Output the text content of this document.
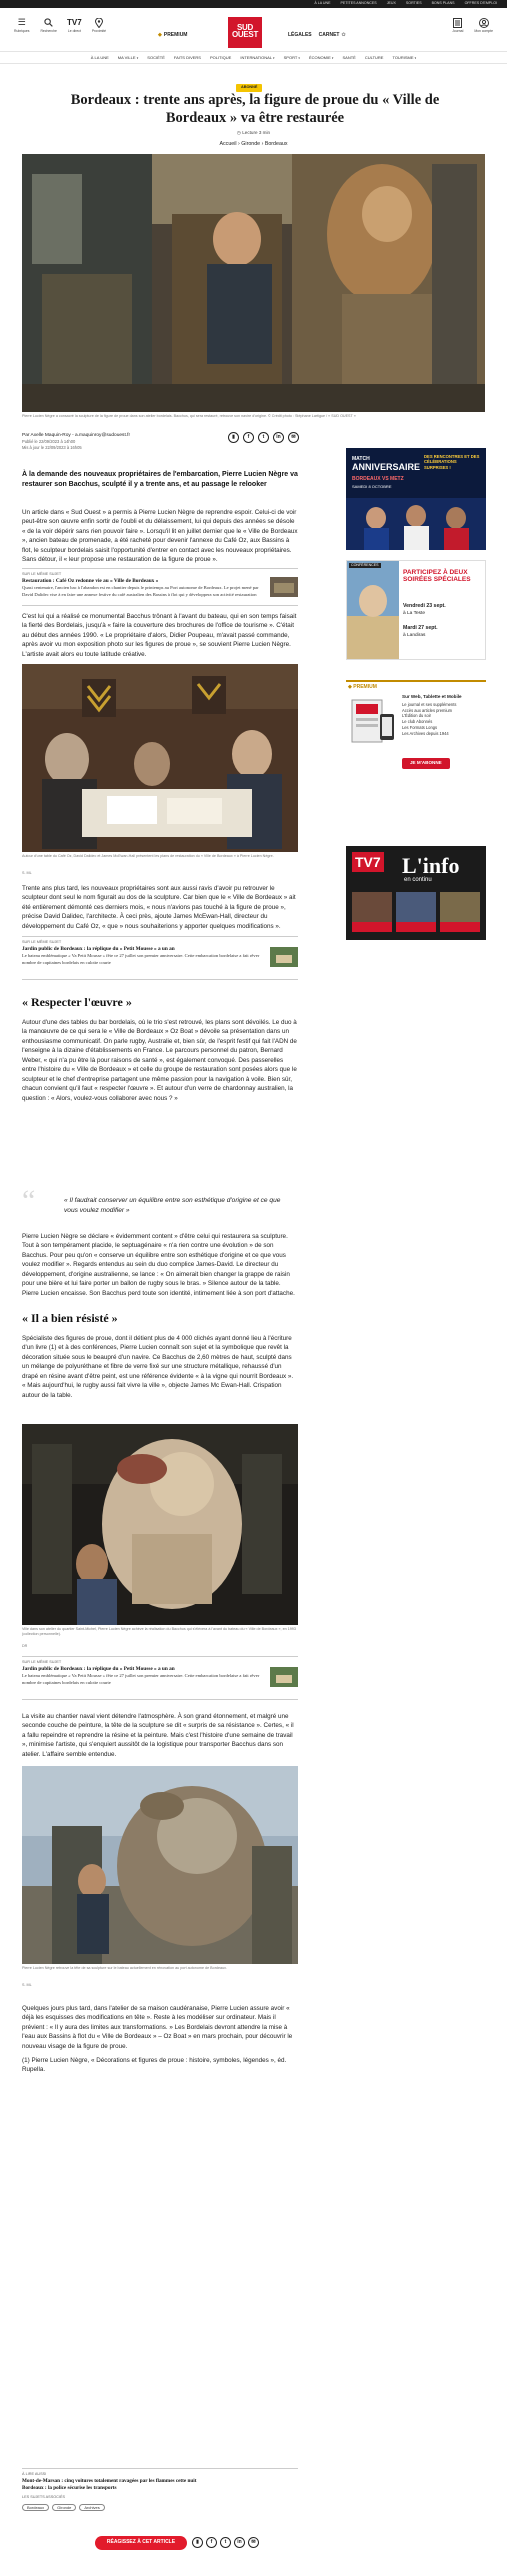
À LA UNE	PETITES ANNONCES	JEUX	SORTIES	BONS PLANS	OFFRES D'EMPLOI
☰
Rubriques	Recherche
TV7
Le direct	Proximité
◆ PREMIUM
SUD
OUEST	LÉGALES CARNET ✿
Journal	Mon compte
À LA UNE MA VILLE ▾ SOCIÉTÉ FAITS DIVERS POLITIQUE INTERNATIONAL ▾ SPORT ▾ ÉCONOMIE ▾ SANTÉ CULTURE TOURISME ▾
ABONNÉ
Bordeaux : trente ans après, la figure de proue du « Ville de Bordeaux » va être restaurée
◷ Lecture 3 min
Accueil › Gironde › Bordeaux
Pierre Lucien Nègre a consacré la sculpture de la figure de proue dans son atelier bordelais. Bacchus, qui sera restauré, retrouve son navire d'origine. © Crédit photo : Stéphane Lartigue / « SUD OUEST »
Par Axelle Maquin-Roy - a.maquinroy@sudouest.fr
Publié le 22/09/2023 à 14h00
Mis à jour le 22/09/2023 à 16h05
▮	f	t	in	✉

À la demande des nouveaux propriétaires de l'embarcation, Pierre Lucien Nègre va restaurer son Bacchus, sculpté il y a trente ans, et au passage le relooker

Un article dans « Sud Ouest » a permis à Pierre Lucien Nègre de reprendre espoir. Celui-ci de voir peut-être son œuvre enfin sortir de l'oubli et du délaissement, lui qui depuis des années se désole « de la voir dépérir sans rien pouvoir faire ». Lorsqu'il lit en juillet dernier que le « Ville de Bordeaux », ancien bateau de promenade, a été racheté pour devenir l'annexe du Café Oz, aux Bassins à flot, le sculpteur bordelais saisit l'opportunité d'entrer en contact avec les nouveaux propriétaires. Sans détour, il « leur propose une restauration de la figure de proue ».

SUR LE MÊME SUJET
Restauration : Café Oz redonne vie au « Ville de Bordeaux »
Quasi centenaire, l'ancien bac à l'abandon est en chantier depuis le printemps au Port autonome de Bordeaux. Le projet mené par David Dalidec vise à en faire une annexe festive du café australien des Bassins à flot qui y développera son activité restauration

C'est lui qui a réalisé ce monumental Bacchus trônant à l'avant du bateau, qui en son temps faisait la fierté des Bordelais, jusqu'à « faire la couverture des brochures de l'office de tourisme ». C'était au début des années 1990. « Le propriétaire d'alors, Didier Poupeau, m'avait passé commande, après avoir vu mon exposition photo sur les figures de proue », se souvient Pierre Lucien Nègre. L'artiste avait alors eu toute latitude créative.

Autour d'une table du Café Oz, David Dalidec et James McEwan-Hall présentent les plans de restauration du « Ville de Bordeaux » à Pierre Lucien Nègre.
S. ML

Trente ans plus tard, les nouveaux propriétaires sont aux aussi ravis d'avoir pu retrouver le sculpteur dont seul le nom figurait au dos de la sculpture. Car bien que le « Ville de Bordeaux » ait été entièrement démonté ces derniers mois, « nous n'avions pas touché à la figure de proue », précise David Dalidec, l'architecte. À ceci près, ajoute James McEwan-Hall, directeur du développement du Café Oz, « que » nous souhaiterions y apporter quelques modifications ».

SUR LE MÊME SUJET
Jardin public de Bordeaux : la réplique du « Petit Mousse » a un an
Le bateau emblématique « Va Petit Mousse » fête ce 27 juillet son premier anniversaire. Cette embarcation bordelaise a fait rêver nombre de capitaines bordelais en culotte courte
« Respecter l'œuvre »

Autour d'une des tables du bar bordelais, où le trio s'est retrouvé, les plans sont dévoilés. Le duo à la manœuvre de ce qui sera le « Ville de Bordeaux » Oz Boat » dévoile sa présentation dans un enthousiasme communicatif. On parle rugby, Australie et, bien sûr, de l'esprit festif qui fait l'ADN de l'enseigne à la dizaine d'établissements en France. Le parcours personnel du patron, Bernard Weber, « qui n'a pu être là pour raisons de santé », est également convoqué. Des passerelles entre l'histoire du « Ville de Bordeaux » et celle du groupe de restauration sont posées alors que le sculpteur et le chef d'entreprise partagent une même passion pour la navigation à voile. Bien sûr, chacun convient qu'il faut « respecter l'œuvre ». Et autour d'un verre de chardonnay australien, la question : « Alors, voulez-vous collaborer avec nous ? »

“	« Il faudrait conserver un équilibre entre son esthétique d'origine et ce que vous voulez modifier »

Pierre Lucien Nègre se déclare « évidemment content » d'être celui qui restaurera sa sculpture. Tout à son tempérament placide, le septuagénaire « n'a rien contre une évolution » de son Bacchus. Pour peu qu'on « conserve un équilibre entre son esthétique d'origine et ce que vous voulez modifier ». Regards entendus au sein du duo complice James-David. Le directeur du développement, d'origine australienne, se lance : « On aimerait bien changer la grappe de raisin pour une bière et lui faire porter un ballon de rugby sous le bras. » Silence autour de la table. Pierre Lucien encaisse. Son Bacchus perd toute son identité, intimement liée à son port d'attache.

« Il a bien résisté »

Spécialiste des figures de proue, dont il détient plus de 4 000 clichés ayant donné lieu à l'écriture d'un livre (1) et à des conférences, Pierre Lucien connaît son sujet et la symbolique que revêt la décoration située sous le beaupré d'un navire. Ce Bacchus de 2,60 mètres de haut, sculpté dans un mélange de polyuréthane et fibre de verre fixé sur une structure métallique, rehaussé d'un drapé en résine avant d'être peint, est une référence évidente « à la vigne qui nourrit Bordeaux ». « Mais aujourd'hui, le rugby aussi fait vivre la ville », objecte James Mc Ewan-Hall. Crispation autour de la table.

Ville dans son atelier du quartier Saint-Michel, Pierre Lucien Nègre achève la réalisation du Bacchus qui s'élèvera à l'avant du bateau du « Ville de Bordeaux », en 1993 (collection personnelle).
DR
SUR LE MÊME SUJET
Jardin public de Bordeaux : la réplique du « Petit Mousse » a un an
Le bateau emblématique « Va Petit Mousse » fête ce 27 juillet son premier anniversaire. Cette embarcation bordelaise a fait rêver nombre de capitaines bordelais en culotte courte

La visite au chantier naval vient détendre l'atmosphère. À son grand étonnement, et malgré une seconde couche de peinture, la tête de la sculpture se dit « surpris de sa résistance ». Certes, « il a fallu repeindre et reprendre la résine et la peinture. Mais c'est l'histoire d'une semaine de travail », minimise l'artiste, qui s'enquiert aussitôt de la logistique pour transporter Bacchus dans son atelier. L'affaire semble entendue.

Pierre Lucien Nègre retrouve la tête de sa sculpture sur le bateau actuellement en rénovation au port autonome de Bordeaux.
S. ML

Quelques jours plus tard, dans l'atelier de sa maison caudéranaise, Pierre Lucien assure avoir « déjà les esquisses des modifications en tête ». Reste à les modéliser sur ordinateur. Mais il prévient : « Il y aura des limites aux transformations. » Les Bordelais devront attendre la mise à l'eau aux Bassins à flot du « Ville de Bordeaux » – Oz Boat » en mars prochain, pour découvrir le nouveau visage de la figure de proue.

(1) Pierre Lucien Nègre, « Décorations et figures de proue : histoire, symboles, légendes », éd. Rupella.

À LIRE AUSSI
Mont-de-Marsan : cinq voitures totalement ravagées par les flammes cette nuit
Bordeaux : la police sécurise les transports
LES SUJETS ASSOCIÉS
Bordeaux	Gironde	Archives
RÉAGISSEZ À CET ARTICLE	▮	f	t	in	✉
MATCH
ANNIVERSAIRE
BORDEAUX VS METZ
SAMEDI 8 OCTOBRE
DES RENCONTRES ET DES CÉLÉBRATIONS SURPRISES !
CONFÉRENCES
PARTICIPEZ À DEUX SOIRÉES SPÉCIALES
Vendredi 23 sept.
à La Teste
Mardi 27 sept.
à Landiras
◆ PREMIUM
Sur Web, Tablette et Mobile
Le journal et ses suppléments
Accès aux articles premium
L'Édition du soir
Le club Abonnés
Les Formats Longs
Les Archives depuis 1944
JE M'ABONNE
TV7 L'info
en continu
